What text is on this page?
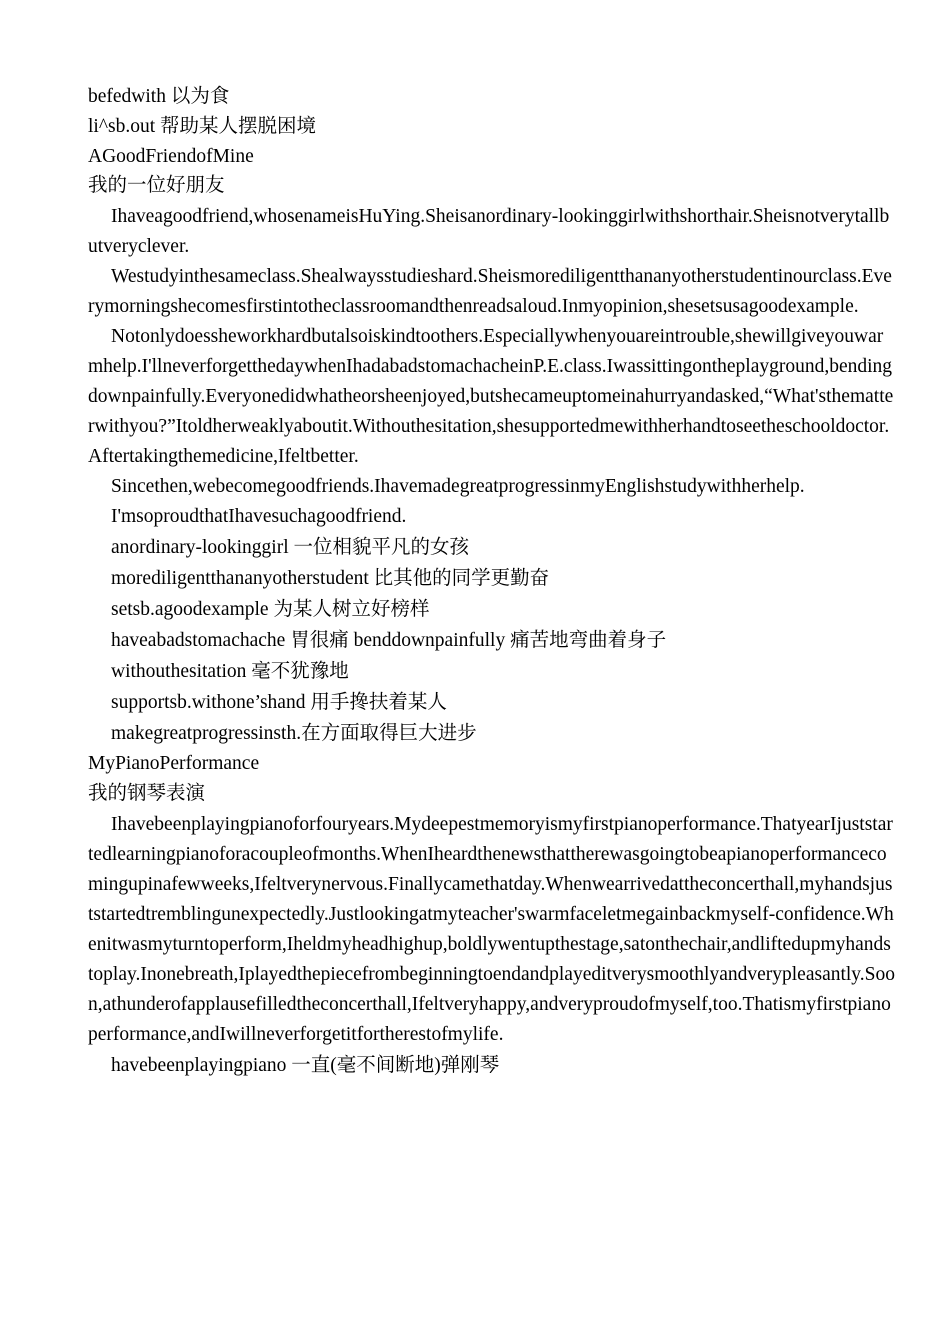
befedwith 以为食
li^sb.out 帮助某人摆脱困境
AGoodFriendofMine
我的一位好朋友

Ihaveagoodfriend,whosenameisHuYing.Sheisanordinary-lookinggirlwithshorthair.Sheisnotverytallbutveryclever.

Westudyinthesameclass.Shealwaysstudieshard.Sheismorediligentthananyotherstudentinourclass.Everymorningshecomesfirstintotheclassroomandthenreadsaloud.Inmyopinion,shesetsusagoodexample.

Notonlydoessheworkhardbutalsoiskindtoothers.Especiallywhenyouareintrouble,shewillgiveyouwarmhelp.I'llneverforgetthedaywhenIhadabadstomachacheinP.E.class.Iwassittingontheplayground,bendingdownpainfully.Everyonedidwhatheorsheenjoyed,butshecameuptomeinahurryandasked,“What'sthematterwithyou?”Itoldherweaklyaboutit.Withouthesitation,shesupportedmewithherhandtoseetheschooldoctor.Aftertakingthemedicine,Ifeltbetter.

Sincethen,webecomegoodfriends.IhavemadegreatprogressinmyEnglishstudywithherhelp.

I'msoproudthatIhavesuchagoodfriend.

anordinary-lookinggirl 一位相貌平凡的女孩
morediligentthananyotherstudent 比其他的同学更勤奋
setsb.agoodexample 为某人树立好榜样
haveabadstomachache 胃很痛 benddownpainfully 痛苦地弯曲着身子
withouthesitation 毫不犹豫地
supportsb.withone’shand 用手搀扶着某人
makegreatprogressinsth.在方面取得巨大进步
MyPianoPerformance
我的钢琴表演

Ihavebeenplayingpianoforfouryears.Mydeepestmemoryismyfirstpianoperformance.ThatyearIjuststartedlearningpianoforacoupleofmonths.WhenIheardthenewsthattherewasgoingtobeapianoperformancecomingupinafewweeks,Ifeltverynervous.Finallycamethatday.Whenwearrivedattheconcerthall,myhandsjuststartedtremblingunexpectedly.Justlookingatmyteacher'swarmfaceletmegainbackmyself-confidence.Whenitwasmyturntoperform,Iheldmyheadhighup,boldlywentupthestage,satonthechair,andliftedupmyhandstoplay.Inonebreath,Iplayedthepiecefrombeginningtoendandplayeditverysmoothlyandverypleasantly.Soon,athunderofapplausefilledtheconcerthall,Ifeltveryhappy,andveryproudofmyself,too.Thatismyfirstpianoperformance,andIwillneverforgetitfortherestofmylife.

havebeenplayingpiano 一直(毫不间断地)弹刚琴
